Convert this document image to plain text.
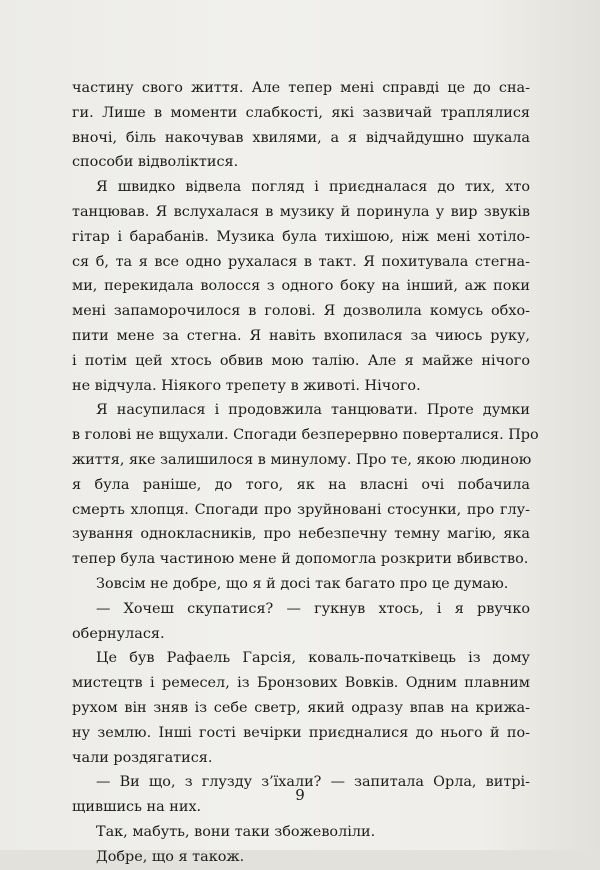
частину свого життя. Але тепер мені справді це до сна-
ги. Лише в моменти слабкості, які зазвичай траплялися
вночі, біль накочував хвилями, а я відчайдушно шукала
способи відволіктися.

Я швидко відвела погляд і приєдналася до тих, хто
танцював. Я вслухалася в музику й поринула у вир звуків
гітар і барабанів. Музика була тихішою, ніж мені хотіло-
ся б, та я все одно рухалася в такт. Я похитувала стегна-
ми, перекидала волосся з одного боку на інший, аж поки
мені запаморочилося в голові. Я дозволила комусь обхо-
пити мене за стегна. Я навіть вхопилася за чиюсь руку,
і потім цей хтось обвив мою талію. Але я майже нічого
не відчула. Ніякого трепету в животі. Нічого.

Я насупилася і продовжила танцювати. Проте думки
в голові не вщухали. Спогади безперервно поверталися. Про
життя, яке залишилося в минулому. Про те, якою людиною
я була раніше, до того, як на власні очі побачила
смерть хлопця. Спогади про зруйновані стосунки, про глу-
зування однокласників, про небезпечну темну магію, яка
тепер була частиною мене й допомогла розкрити вбивство.

Зовсім не добре, що я й досі так багато про це думаю.

— Хочеш скупатися? — гукнув хтось, і я рвучко
обернулася.

Це був Рафаель Гарсія, коваль-початківець із дому
мистецтв і ремесел, із Бронзових Вовків. Одним плавним
рухом він зняв із себе светр, який одразу впав на крижа-
ну землю. Інші гості вечірки приєдналися до нього й по-
чали роздягатися.

— Ви що, з глузду з’їхали? — запитала Орла, витрі-
щившись на них.

Так, мабуть, вони таки збожеволіли.

Добре, що я також.

9
